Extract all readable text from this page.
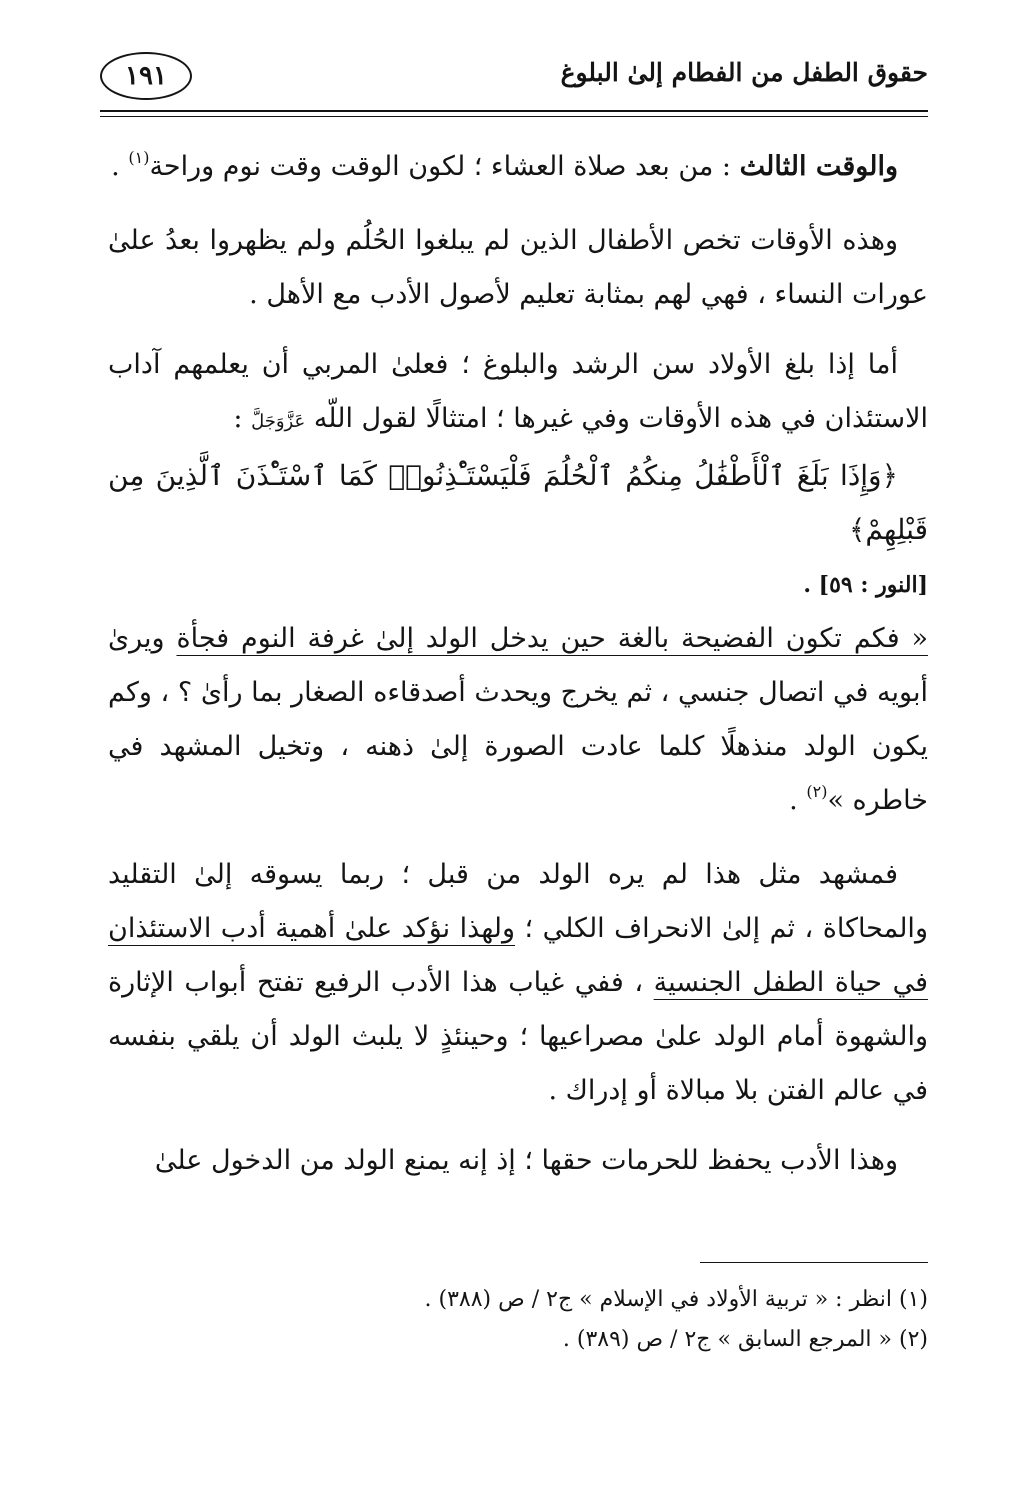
حقوق الطفل من الفطام إلىٰ البلوغ
١٩١

والوقت الثالث : من بعد صلاة العشاء ؛ لكون الوقت وقت نوم وراحة$^{(١)}$ .

وهذه الأوقات تخص الأطفال الذين لم يبلغوا الحُلُم ولم يظهروا بعدُ علىٰ عورات النساء ، فهي لهم بمثابة تعليم لأصول الأدب مع الأهل .

أما إذا بلغ الأولاد سن الرشد والبلوغ ؛ فعلىٰ المربي أن يعلمهم آداب الاستئذان في هذه الأوقات وفي غيرها ؛ امتثالًا لقول اللّه عَزَّوَجَلَّ :
﴿وَإِذَا بَلَغَ ٱلْأَطْفَٰلُ مِنكُمُ ٱلْحُلُمَ فَلْيَسْتَـْٔذِنُوا۟ كَمَا ٱسْتَـْٔذَنَ ٱلَّذِينَ مِن قَبْلِهِمْ﴾
[النور : ٥٩] .

« فكم تكون الفضيحة بالغة حين يدخل الولد إلىٰ غرفة النوم فجأة ويرىٰ أبويه في اتصال جنسي ، ثم يخرج ويحدث أصدقاءه الصغار بما رأىٰ ؟ ، وكم يكون الولد منذهلًا كلما عادت الصورة إلىٰ ذهنه ، وتخيل المشهد في خاطره »$^{(٢)}$ .

فمشهد مثل هذا لم يره الولد من قبل ؛ ربما يسوقه إلىٰ التقليد والمحاكاة ، ثم إلىٰ الانحراف الكلي ؛ ولهذا نؤكد علىٰ أهمية أدب الاستئذان في حياة الطفل الجنسية ، ففي غياب هذا الأدب الرفيع تفتح أبواب الإثارة والشهوة أمام الولد علىٰ مصراعيها ؛ وحينئذٍ لا يلبث الولد أن يلقي بنفسه في عالم الفتن بلا مبالاة أو إدراك .

وهذا الأدب يحفظ للحرمات حقها ؛ إذ إنه يمنع الولد من الدخول علىٰ

(١) انظر : « تربية الأولاد في الإسلام » ج٢ / ص (٣٨٨) .
(٢) « المرجع السابق » ج٢ / ص (٣٨٩) .
